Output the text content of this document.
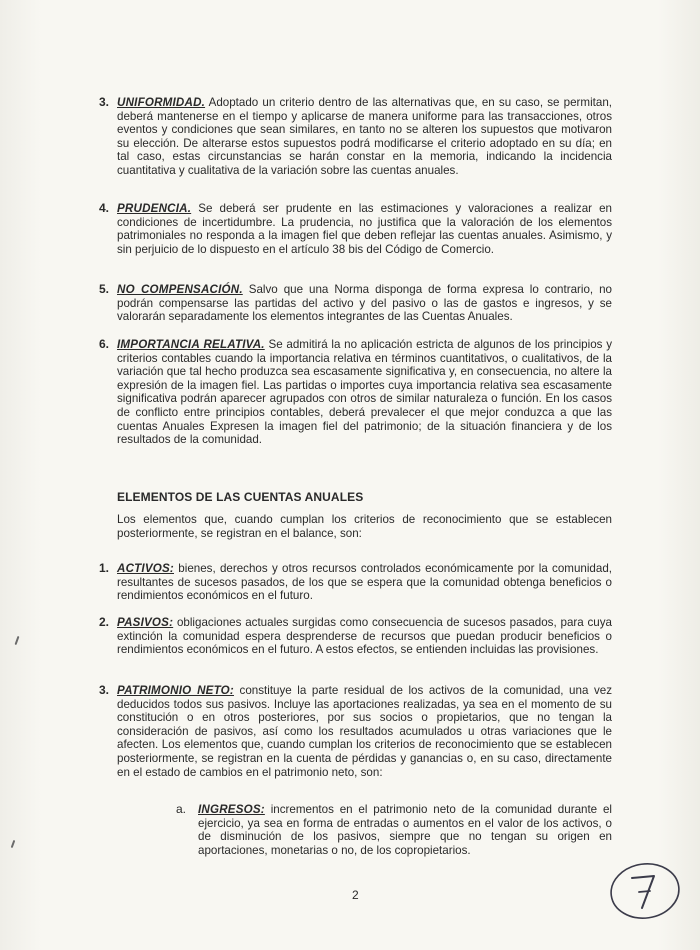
3. UNIFORMIDAD. Adoptado un criterio dentro de las alternativas que, en su caso, se permitan, deberá mantenerse en el tiempo y aplicarse de manera uniforme para las transacciones, otros eventos y condiciones que sean similares, en tanto no se alteren los supuestos que motivaron su elección. De alterarse estos supuestos podrá modificarse el criterio adoptado en su día; en tal caso, estas circunstancias se harán constar en la memoria, indicando la incidencia cuantitativa y cualitativa de la variación sobre las cuentas anuales.
4. PRUDENCIA. Se deberá ser prudente en las estimaciones y valoraciones a realizar en condiciones de incertidumbre. La prudencia, no justifica que la valoración de los elementos patrimoniales no responda a la imagen fiel que deben reflejar las cuentas anuales. Asimismo, y sin perjuicio de lo dispuesto en el artículo 38 bis del Código de Comercio.
5. NO COMPENSACIÓN. Salvo que una Norma disponga de forma expresa lo contrario, no podrán compensarse las partidas del activo y del pasivo o las de gastos e ingresos, y se valorarán separadamente los elementos integrantes de las Cuentas Anuales.
6. IMPORTANCIA RELATIVA. Se admitirá la no aplicación estricta de algunos de los principios y criterios contables cuando la importancia relativa en términos cuantitativos, o cualitativos, de la variación que tal hecho produzca sea escasamente significativa y, en consecuencia, no altere la expresión de la imagen fiel. Las partidas o importes cuya importancia relativa sea escasamente significativa podrán aparecer agrupados con otros de similar naturaleza o función. En los casos de conflicto entre principios contables, deberá prevalecer el que mejor conduzca a que las cuentas Anuales Expresen la imagen fiel del patrimonio; de la situación financiera y de los resultados de la comunidad.
ELEMENTOS DE LAS CUENTAS ANUALES
Los elementos que, cuando cumplan los criterios de reconocimiento que se establecen posteriormente, se registran en el balance, son:
1. ACTIVOS: bienes, derechos y otros recursos controlados económicamente por la comunidad, resultantes de sucesos pasados, de los que se espera que la comunidad obtenga beneficios o rendimientos económicos en el futuro.
2. PASIVOS: obligaciones actuales surgidas como consecuencia de sucesos pasados, para cuya extinción la comunidad espera desprenderse de recursos que puedan producir beneficios o rendimientos económicos en el futuro. A estos efectos, se entienden incluidas las provisiones.
3. PATRIMONIO NETO: constituye la parte residual de los activos de la comunidad, una vez deducidos todos sus pasivos. Incluye las aportaciones realizadas, ya sea en el momento de su constitución o en otros posteriores, por sus socios o propietarios, que no tengan la consideración de pasivos, así como los resultados acumulados u otras variaciones que le afecten. Los elementos que, cuando cumplan los criterios de reconocimiento que se establecen posteriormente, se registran en la cuenta de pérdidas y ganancias o, en su caso, directamente en el estado de cambios en el patrimonio neto, son:
a. INGRESOS: incrementos en el patrimonio neto de la comunidad durante el ejercicio, ya sea en forma de entradas o aumentos en el valor de los activos, o de disminución de los pasivos, siempre que no tengan su origen en aportaciones, monetarias o no, de los copropietarios.
2
